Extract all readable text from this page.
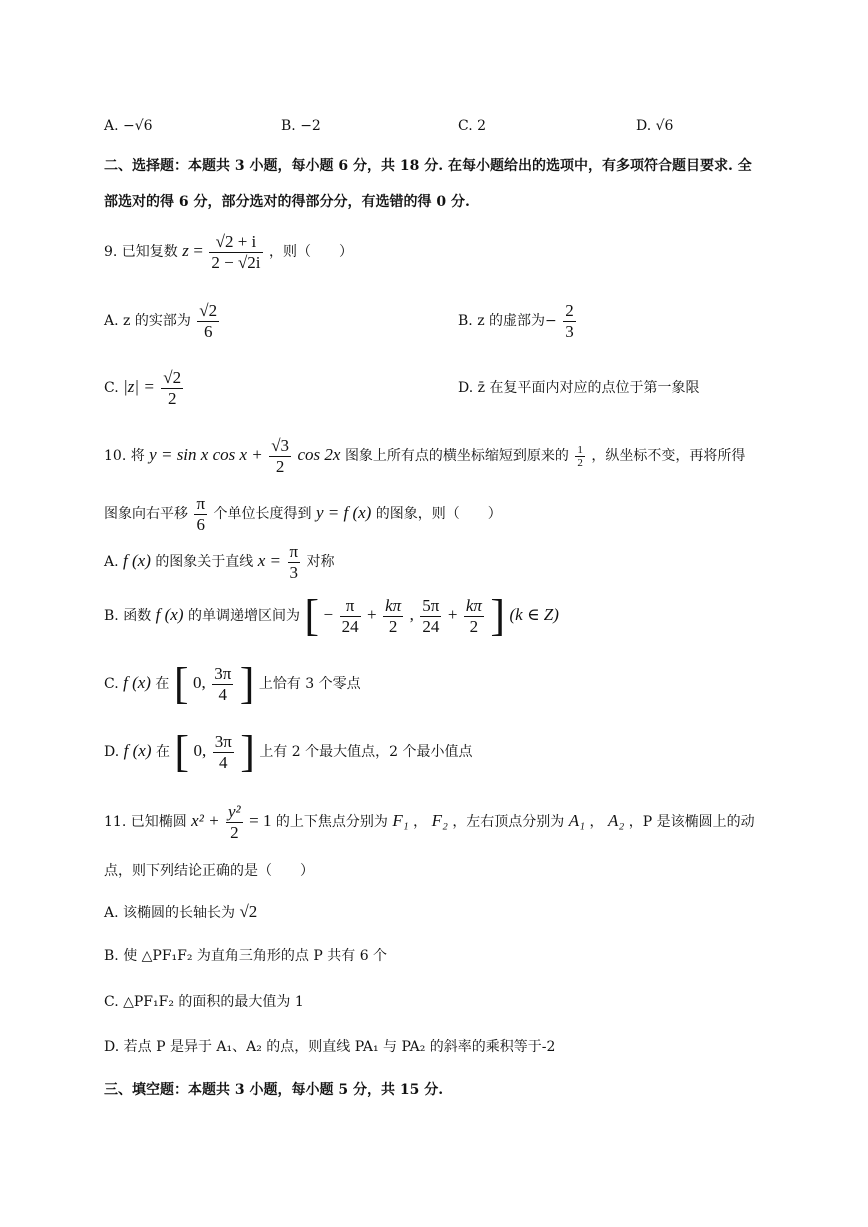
A. −√6	B. −2	C. 2	D. √6
二、选择题：本题共 3 小题，每小题 6 分，共 18 分. 在每小题给出的选项中，有多项符合题目要求. 全
部选对的得 6 分，部分选对的得部分分，有选错的得 0 分.
9. 已知复数 $z = \frac{√2 + i}{2 - √2i}$ ，则（　　）
A. z 的实部为 $\frac{√2}{6}$	B. z 的虚部为− $\frac{2}{3}$
C. $|z| = \frac{√2}{2}$	D. z̄ 在复平面内对应的点位于第一象限
10. 将 y = sin x $\cos x + \frac{√3}{2}$ cos 2x 图象上所有点的横坐标缩短到原来的 $\frac{1}{2}$ ，纵坐标不变，再将所得
图象向右平移 $\frac{\pi}{6}$ 个单位长度得到 y = f (x) 的图象，则（　　）
A. f (x) 的图象关于直线 $x = \frac{\pi}{3}$ 对称
B. 函数 f (x) 的单调递增区间为 [ − $\frac{\pi}{24} + \frac{k\pi}{2}$ , $\frac{5\pi}{24} + \frac{k\pi}{2}$ ] (k ∈ Z)
C. f (x) 在 [ 0, $\frac{3\pi}{4}$ ] 上恰有 3 个零点
D. f (x) 在 [ 0, $\frac{3\pi}{4}$ ] 上有 2 个最大值点，2 个最小值点
11. 已知椭圆 $x^2 + \frac{\text{y²}}{2} = 1$ 的上下焦点分别为 F₁ ， F₂ ，左右顶点分别为 A₁ ， A₂ ，P 是该椭圆上的动
点，则下列结论正确的是（　　）
A. 该椭圆的长轴长为 √2
B. 使 △PF₁F₂ 为直角三角形的点 P 共有 6 个
C. △PF₁F₂ 的面积的最大值为 1
D. 若点 P 是异于 A₁、A₂ 的点，则直线 PA₁ 与 PA₂ 的斜率的乘积等于-2
三、填空题：本题共 3 小题，每小题 5 分，共 15 分.
